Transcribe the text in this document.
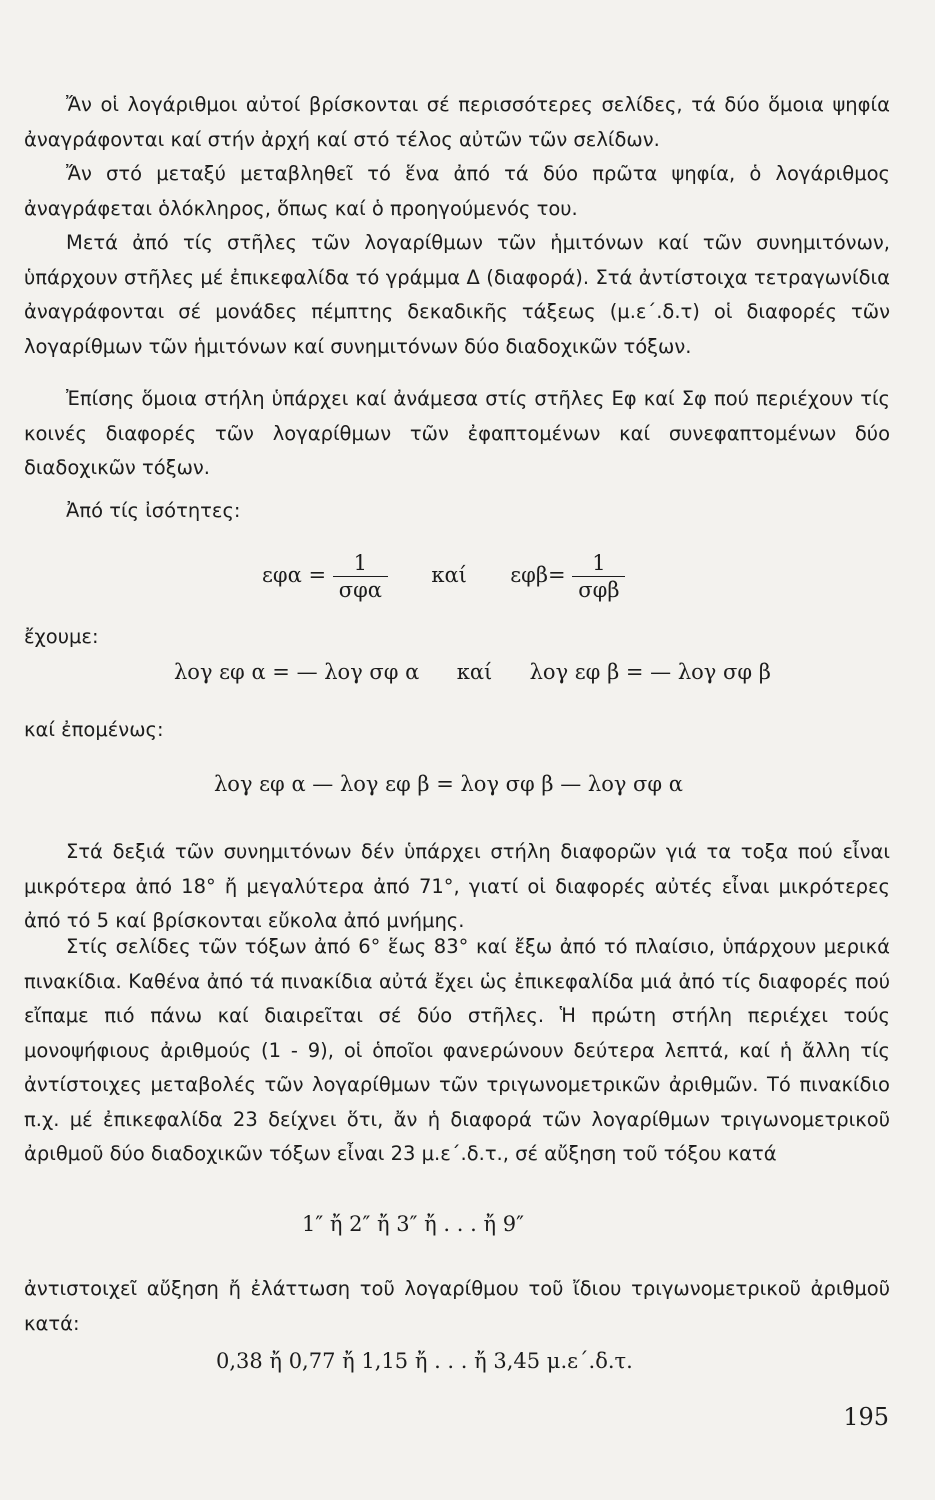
Ἄν οἱ λογάριθμοι αὐτοί βρίσκονται σέ περισσότερες σελίδες, τά δύο ὅμοια ψηφία ἀναγράφονται καί στήν ἀρχή καί στό τέλος αὐτῶν τῶν σελίδων.

Ἄν στό μεταξύ μεταβληθεῖ τό ἕνα ἀπό τά δύο πρῶτα ψηφία, ὁ λογάριθμος ἀναγράφεται ὁλόκληρος, ὅπως καί ὁ προηγούμενός του.

Μετά ἀπό τίς στῆλες τῶν λογαρίθμων τῶν ἡμιτόνων καί τῶν συνημιτόνων, ὑπάρχουν στῆλες μέ ἐπικεφαλίδα τό γράμμα Δ (διαφορά). Στά ἀντίστοιχα τετραγωνίδια ἀναγράφονται σέ μονάδες πέμπτης δεκαδικῆς τάξεως (μ.ε΄.δ.τ) οἱ διαφορές τῶν λογαρίθμων τῶν ἡμιτόνων καί συνημιτόνων δύο διαδοχικῶν τόξων.

Ἐπίσης ὅμοια στήλη ὑπάρχει καί ἀνάμεσα στίς στῆλες Εφ καί Σφ πού περιέχουν τίς κοινές διαφορές τῶν λογαρίθμων τῶν ἐφαπτομένων καί συνεφαπτομένων δύο διαδοχικῶν τόξων.

Ἀπό τίς ἰσότητες:

$\varepsilon\varphi\alpha = \frac{1}{\text{σφα}}$ καί $\varepsilon\varphi\beta= \frac{1}{\text{σφβ}}$

ἔχουμε:

λογ εφ α = — λογ σφ α καί λογ εφ β = — λογ σφ β

καί ἐπομένως:

λογ εφ α — λογ εφ β = λογ σφ β — λογ σφ α

Στά δεξιά τῶν συνημιτόνων δέν ὑπάρχει στήλη διαφορῶν γιά τα τοξα πού εἶναι μικρότερα ἀπό 18° ἤ μεγαλύτερα ἀπό 71°, γιατί οἱ διαφορές αὐτές εἶναι μικρότερες ἀπό τό 5 καί βρίσκονται εὔκολα ἀπό μνήμης.

Στίς σελίδες τῶν τόξων ἀπό 6° ἕως 83° καί ἔξω ἀπό τό πλαίσιο, ὑπάρχουν μερικά πινακίδια. Καθένα ἀπό τά πινακίδια αὐτά ἔχει ὡς ἐπικεφαλίδα μιά ἀπό τίς διαφορές πού εἴπαμε πιό πάνω καί διαιρεῖται σέ δύο στῆλες. Ἡ πρώτη στήλη περιέχει τούς μονοψήφιους ἀριθμούς (1 - 9), οἱ ὁποῖοι φανερώνουν δεύτερα λεπτά, καί ἡ ἄλλη τίς ἀντίστοιχες μεταβολές τῶν λογαρίθμων τῶν τριγωνομετρικῶν ἀριθμῶν. Τό πινακίδιο π.χ. μέ ἐπικεφαλίδα 23 δείχνει ὅτι, ἄν ἡ διαφορά τῶν λογαρίθμων τριγωνομετρικοῦ ἀριθμοῦ δύο διαδοχικῶν τόξων εἶναι 23 μ.ε΄.δ.τ., σέ αὔξηση τοῦ τόξου κατά

1″ ἤ 2″ ἤ 3″ ἤ . . . ἤ 9″

ἀντιστοιχεῖ αὔξηση ἤ ἐλάττωση τοῦ λογαρίθμου τοῦ ἴδιου τριγωνομετρικοῦ ἀριθμοῦ κατά:

0,38 ἤ 0,77 ἤ 1,15 ἤ . . . ἤ 3,45 μ.ε΄.δ.τ.
195
